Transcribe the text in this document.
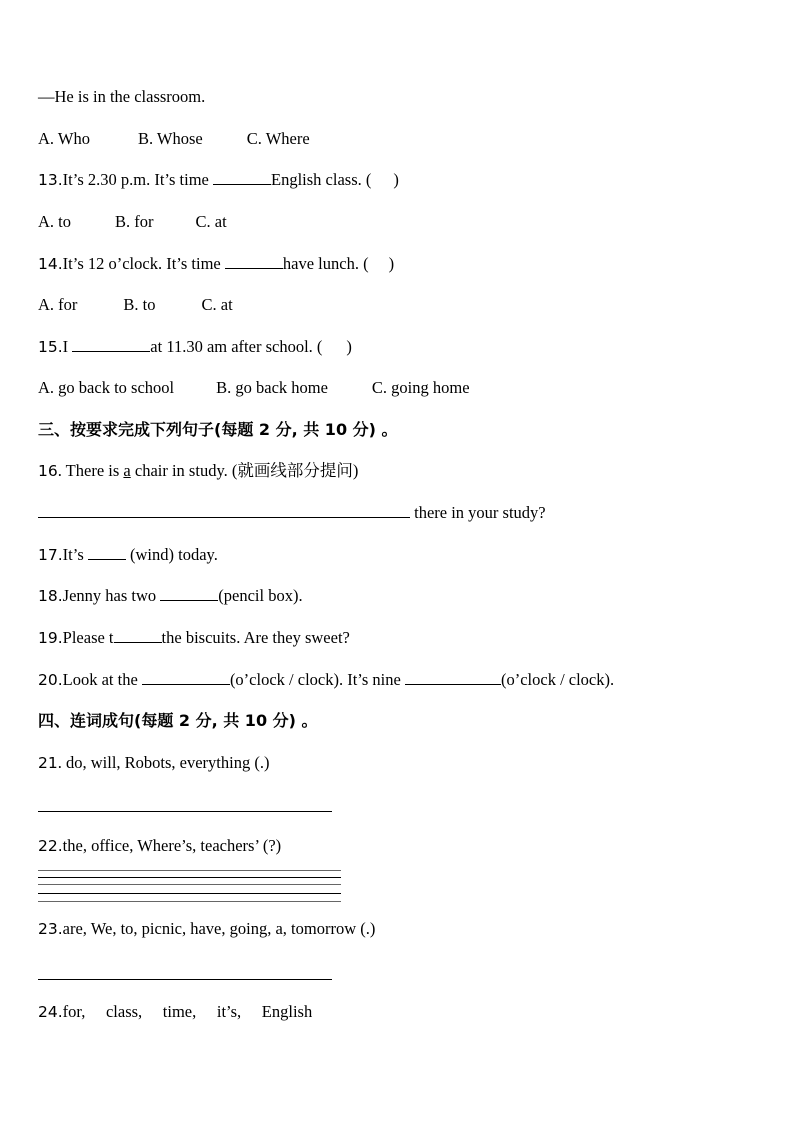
—He is in the classroom.
A. Who	B. Whose	C. Where
13.It’s 2.30 p.m. It’s time	English class. ( )
A. to	B. for	C. at
14.It’s 12 o’clock. It’s time	have lunch. ( )
A. for	B. to	C. at
15.I	at 11.30 am after school. ( )
A. go back to school	B. go back home	C. going home
三、按要求完成下列句子(每题 2 分, 共 10 分) 。
16. There is a chair in study. (就画线部分提问)
there in your study?
17.It’s  (wind) today.
18.Jenny has two	(pencil box).
19.Please t	the biscuits. Are they sweet?
20.Look at the	(o’clock / clock). It’s nine	(o’clock / clock).
四、连词成句(每题 2 分, 共 10 分) 。
21. do, will, Robots, everything (.)
22.the, office, Where’s, teachers’ (?)
23.are, We, to, picnic, have, going, a, tomorrow (.)
24.for,     class,     time,     it’s,     English
